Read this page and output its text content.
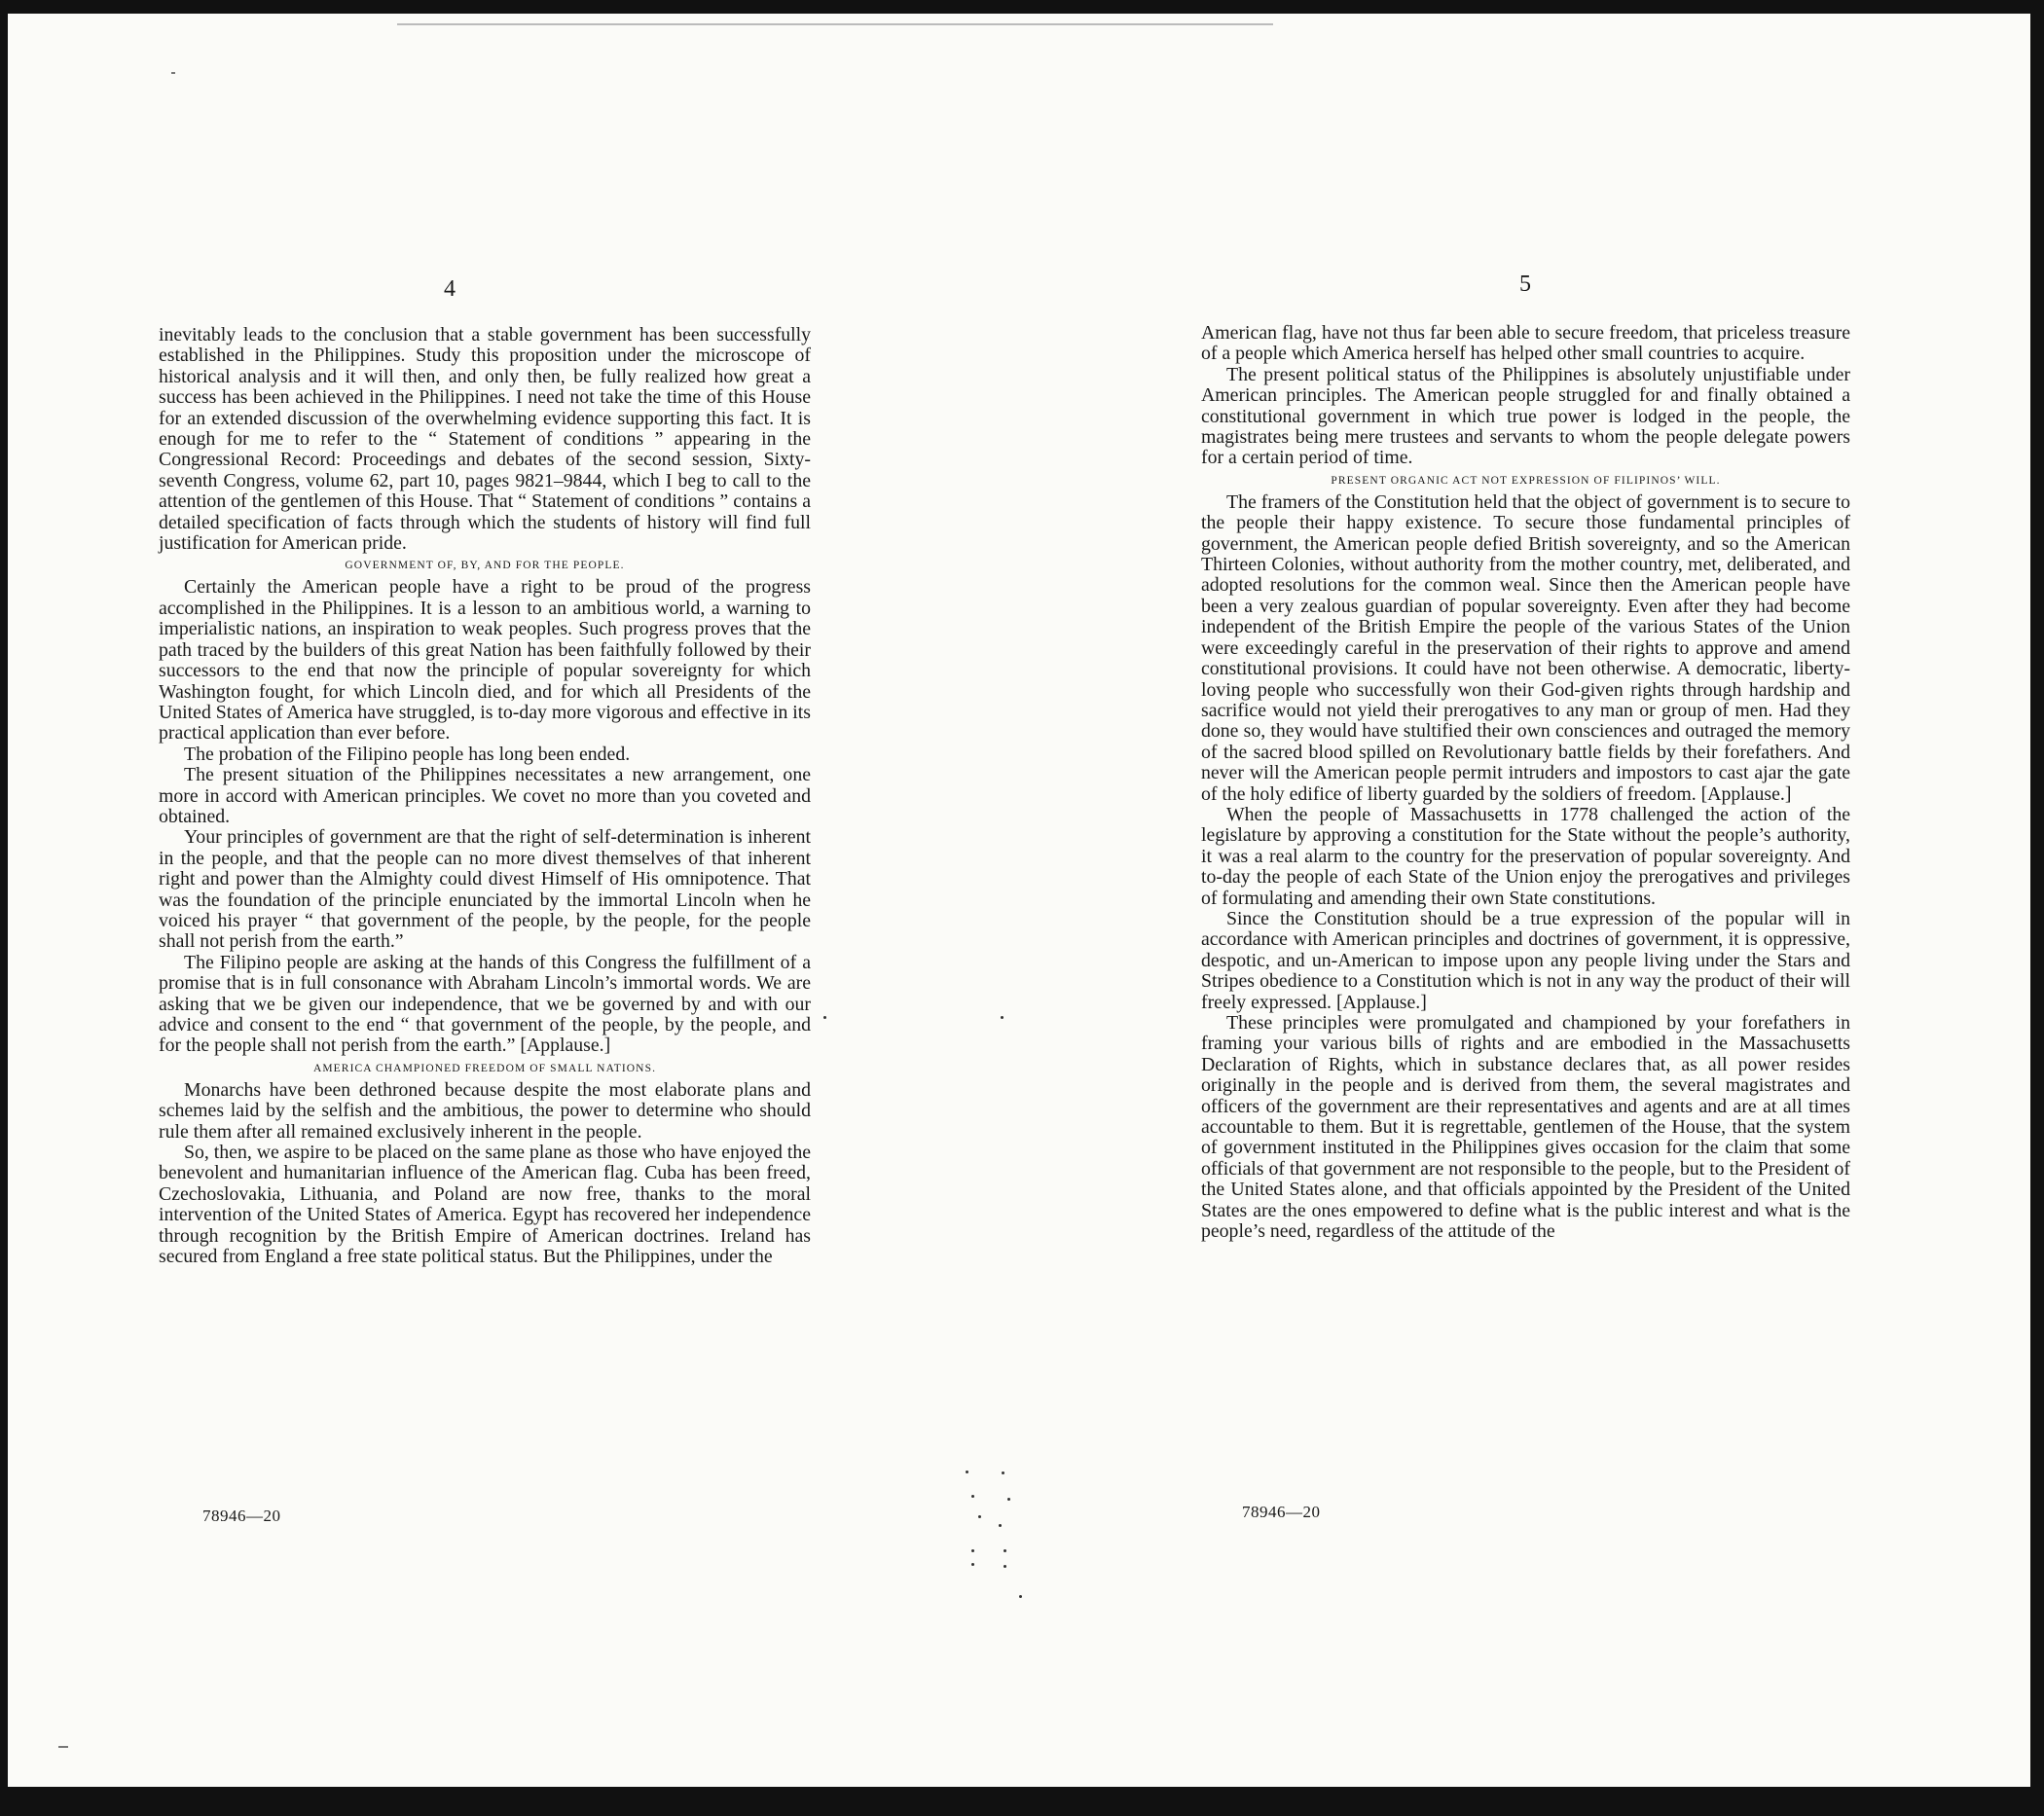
4	5

inevitably leads to the conclusion that a stable government has been successfully established in the Philippines. Study this proposition under the microscope of historical analysis and it will then, and only then, be fully realized how great a success has been achieved in the Philippines. I need not take the time of this House for an extended discussion of the overwhelming evidence supporting this fact. It is enough for me to refer to the “ Statement of conditions ” appearing in the Congressional Record: Proceedings and debates of the second session, Sixty-seventh Congress, volume 62, part 10, pages 9821–9844, which I beg to call to the attention of the gentlemen of this House. That “ Statement of conditions ” contains a detailed specification of facts through which the students of history will find full justification for American pride.

GOVERNMENT OF, BY, AND FOR THE PEOPLE.

Certainly the American people have a right to be proud of the progress accomplished in the Philippines. It is a lesson to an ambitious world, a warning to imperialistic nations, an inspiration to weak peoples. Such progress proves that the path traced by the builders of this great Nation has been faithfully followed by their successors to the end that now the principle of popular sovereignty for which Washington fought, for which Lincoln died, and for which all Presidents of the United States of America have struggled, is to-day more vigorous and effective in its practical application than ever before.

The probation of the Filipino people has long been ended.

The present situation of the Philippines necessitates a new arrangement, one more in accord with American principles. We covet no more than you coveted and obtained.

Your principles of government are that the right of self-determination is inherent in the people, and that the people can no more divest themselves of that inherent right and power than the Almighty could divest Himself of His omnipotence. That was the foundation of the principle enunciated by the immortal Lincoln when he voiced his prayer “ that government of the people, by the people, for the people shall not perish from the earth.”

The Filipino people are asking at the hands of this Congress the fulfillment of a promise that is in full consonance with Abraham Lincoln’s immortal words. We are asking that we be given our independence, that we be governed by and with our advice and consent to the end “ that government of the people, by the people, and for the people shall not perish from the earth.” [Applause.]

AMERICA CHAMPIONED FREEDOM OF SMALL NATIONS.

Monarchs have been dethroned because despite the most elaborate plans and schemes laid by the selfish and the ambitious, the power to determine who should rule them after all remained exclusively inherent in the people.

So, then, we aspire to be placed on the same plane as those who have enjoyed the benevolent and humanitarian influence of the American flag. Cuba has been freed, Czechoslovakia, Lithuania, and Poland are now free, thanks to the moral intervention of the United States of America. Egypt has recovered her independence through recognition by the British Empire of American doctrines. Ireland has secured from England a free state political status. But the Philippines, under the

American flag, have not thus far been able to secure freedom, that priceless treasure of a people which America herself has helped other small countries to acquire.

The present political status of the Philippines is absolutely unjustifiable under American principles. The American people struggled for and finally obtained a constitutional government in which true power is lodged in the people, the magistrates being mere trustees and servants to whom the people delegate powers for a certain period of time.

PRESENT ORGANIC ACT NOT EXPRESSION OF FILIPINOS’ WILL.

The framers of the Constitution held that the object of government is to secure to the people their happy existence. To secure those fundamental principles of government, the American people defied British sovereignty, and so the American Thirteen Colonies, without authority from the mother country, met, deliberated, and adopted resolutions for the common weal. Since then the American people have been a very zealous guardian of popular sovereignty. Even after they had become independent of the British Empire the people of the various States of the Union were exceedingly careful in the preservation of their rights to approve and amend constitutional provisions. It could have not been otherwise. A democratic, liberty-loving people who successfully won their God-given rights through hardship and sacrifice would not yield their prerogatives to any man or group of men. Had they done so, they would have stultified their own consciences and outraged the memory of the sacred blood spilled on Revolutionary battle fields by their forefathers. And never will the American people permit intruders and impostors to cast ajar the gate of the holy edifice of liberty guarded by the soldiers of freedom. [Applause.]

When the people of Massachusetts in 1778 challenged the action of the legislature by approving a constitution for the State without the people’s authority, it was a real alarm to the country for the preservation of popular sovereignty. And to-day the people of each State of the Union enjoy the prerogatives and privileges of formulating and amending their own State constitutions.

Since the Constitution should be a true expression of the popular will in accordance with American principles and doctrines of government, it is oppressive, despotic, and un-American to impose upon any people living under the Stars and Stripes obedience to a Constitution which is not in any way the product of their will freely expressed. [Applause.]

These principles were promulgated and championed by your forefathers in framing your various bills of rights and are embodied in the Massachusetts Declaration of Rights, which in substance declares that, as all power resides originally in the people and is derived from them, the several magistrates and officers of the government are their representatives and agents and are at all times accountable to them. But it is regrettable, gentlemen of the House, that the system of government instituted in the Philippines gives occasion for the claim that some officials of that government are not responsible to the people, but to the President of the United States alone, and that officials appointed by the President of the United States are the ones empowered to define what is the public interest and what is the people’s need, regardless of the attitude of the

78946—20	78946—20
